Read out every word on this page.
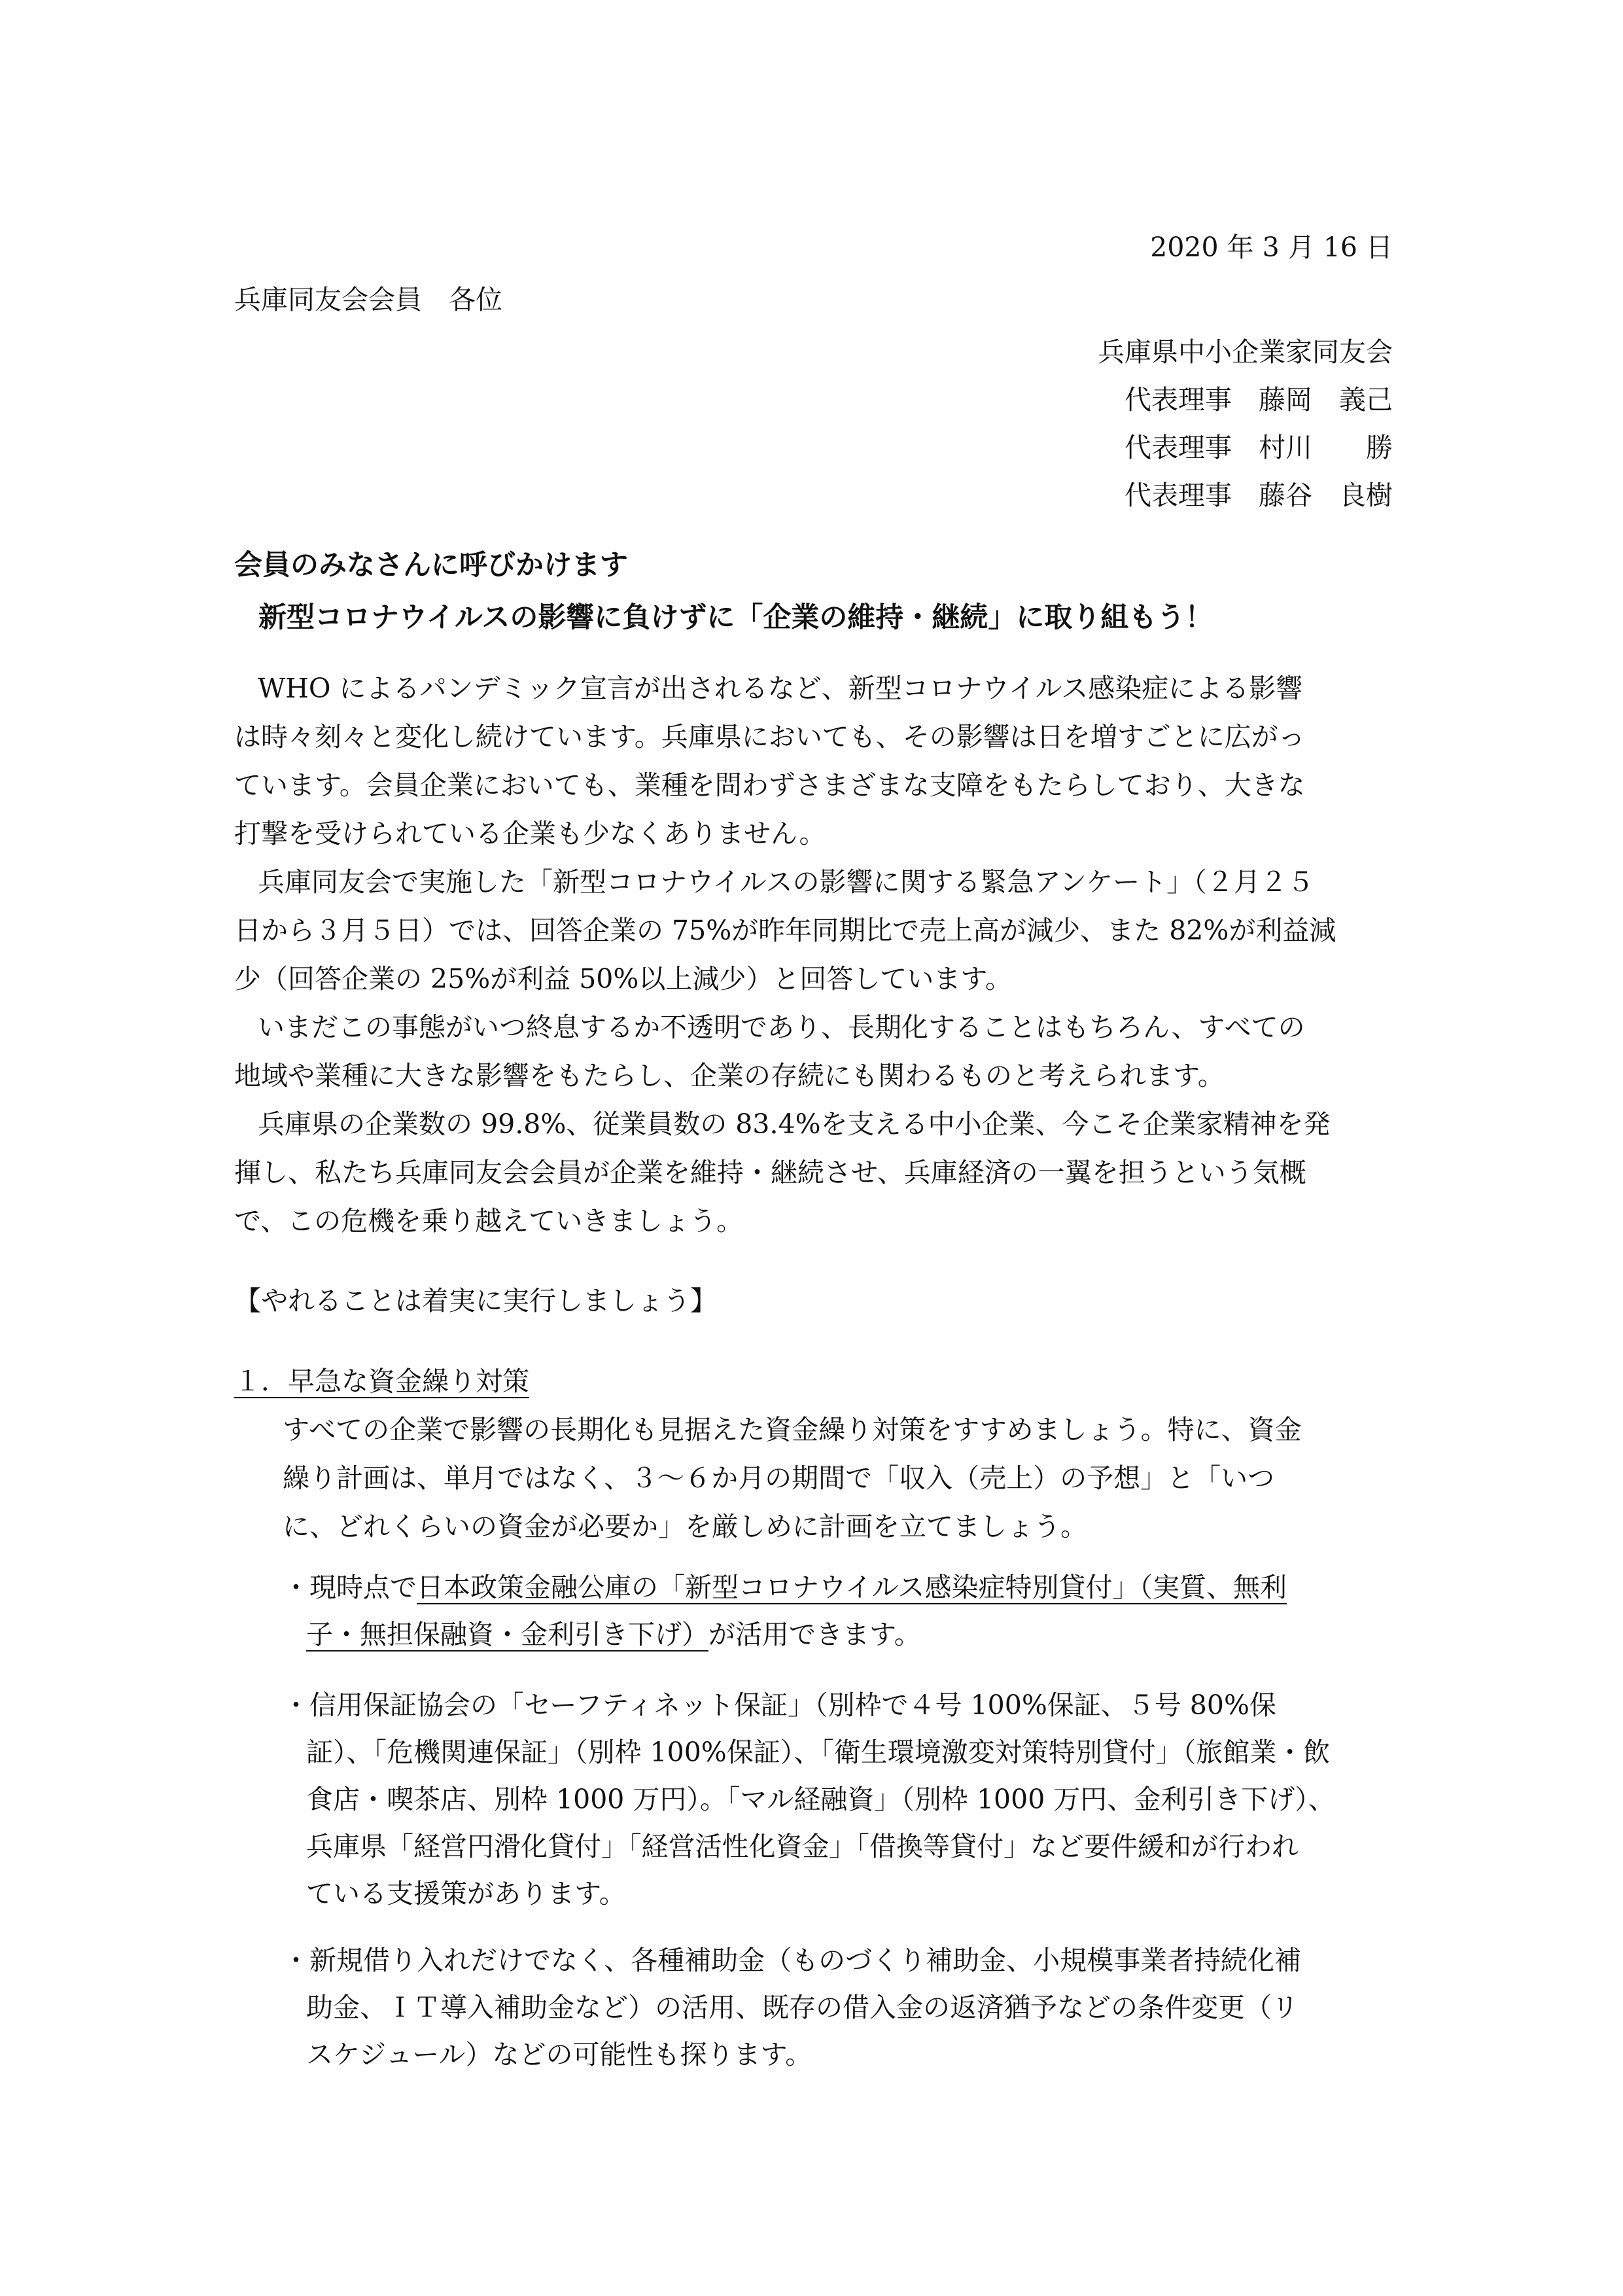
2020 年 3 月 16 日

兵庫同友会会員　各位

兵庫県中小企業家同友会

代表理事　藤岡　義己

代表理事　村川　　勝

代表理事　藤谷　良樹

会員のみなさんに呼びかけます

新型コロナウイルスの影響に負けずに「企業の維持・継続」に取り組もう！

WHO によるパンデミック宣言が出されるなど、新型コロナウイルス感染症による影響
は時々刻々と変化し続けています。兵庫県においても、その影響は日を増すごとに広がっ
ています。会員企業においても、業種を問わずさまざまな支障をもたらしており、大きな
打撃を受けられている企業も少なくありません。
兵庫同友会で実施した「新型コロナウイルスの影響に関する緊急アンケート」（２月２５
日から３月５日）では、回答企業の 75%が昨年同期比で売上高が減少、また 82%が利益減
少（回答企業の 25%が利益 50%以上減少）と回答しています。
いまだこの事態がいつ終息するか不透明であり、長期化することはもちろん、すべての
地域や業種に大きな影響をもたらし、企業の存続にも関わるものと考えられます。
兵庫県の企業数の 99.8%、従業員数の 83.4%を支える中小企業、今こそ企業家精神を発
揮し、私たち兵庫同友会会員が企業を維持・継続させ、兵庫経済の一翼を担うという気概
で、この危機を乗り越えていきましょう。

【やれることは着実に実行しましょう】

１．早急な資金繰り対策

すべての企業で影響の長期化も見据えた資金繰り対策をすすめましょう。特に、資金
繰り計画は、単月ではなく、３～６か月の期間で「収入（売上）の予想」と「いつ
に、どれくらいの資金が必要か」を厳しめに計画を立てましょう。
・現時点で日本政策金融公庫の「新型コロナウイルス感染症特別貸付」（実質、無利
子・無担保融資・金利引き下げ）が活用できます。
・信用保証協会の「セーフティネット保証」（別枠で４号 100%保証、５号 80%保
証）、「危機関連保証」（別枠 100%保証）、「衛生環境激変対策特別貸付」（旅館業・飲
食店・喫茶店、別枠 1000 万円）。「マル経融資」（別枠 1000 万円、金利引き下げ）、
兵庫県「経営円滑化貸付」「経営活性化資金」「借換等貸付」など要件緩和が行われ
ている支援策があります。
・新規借り入れだけでなく、各種補助金（ものづくり補助金、小規模事業者持続化補
助金、ＩＴ導入補助金など）の活用、既存の借入金の返済猶予などの条件変更（リ
スケジュール）などの可能性も探ります。
